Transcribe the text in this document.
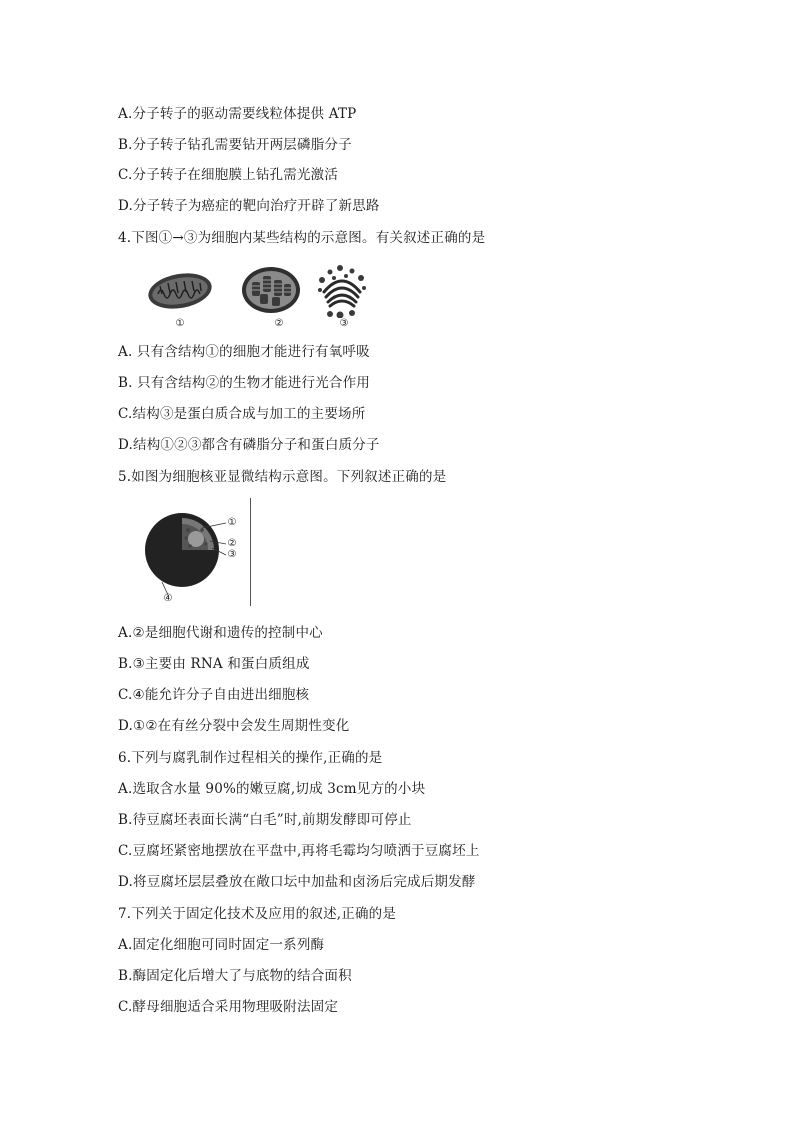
A.分子转子的驱动需要线粒体提供 ATP
B.分子转子钻孔需要钻开两层磷脂分子
C.分子转子在细胞膜上钻孔需光激活
D.分子转子为癌症的靶向治疗开辟了新思路
4.下图①→③为细胞内某些结构的示意图。有关叙述正确的是
①	②	③
A. 只有含结构①的细胞才能进行有氧呼吸
B. 只有含结构②的生物才能进行光合作用
C.结构③是蛋白质合成与加工的主要场所
D.结构①②③都含有磷脂分子和蛋白质分子
5.如图为细胞核亚显微结构示意图。下列叙述正确的是
①
②
③
④
A.②是细胞代谢和遗传的控制中心
B.③主要由 RNA 和蛋白质组成
C.④能允许分子自由进出细胞核
D.①②在有丝分裂中会发生周期性变化
6.下列与腐乳制作过程相关的操作,正确的是
A.选取含水量 90%的嫩豆腐,切成 3cm见方的小块
B.待豆腐坯表面长满“白毛”时,前期发酵即可停止
C.豆腐坯紧密地摆放在平盘中,再将毛霉均匀喷洒于豆腐坯上
D.将豆腐坯层层叠放在敞口坛中加盐和卤汤后完成后期发酵
7.下列关于固定化技术及应用的叙述,正确的是
A.固定化细胞可同时固定一系列酶
B.酶固定化后增大了与底物的结合面积
C.酵母细胞适合采用物理吸附法固定
